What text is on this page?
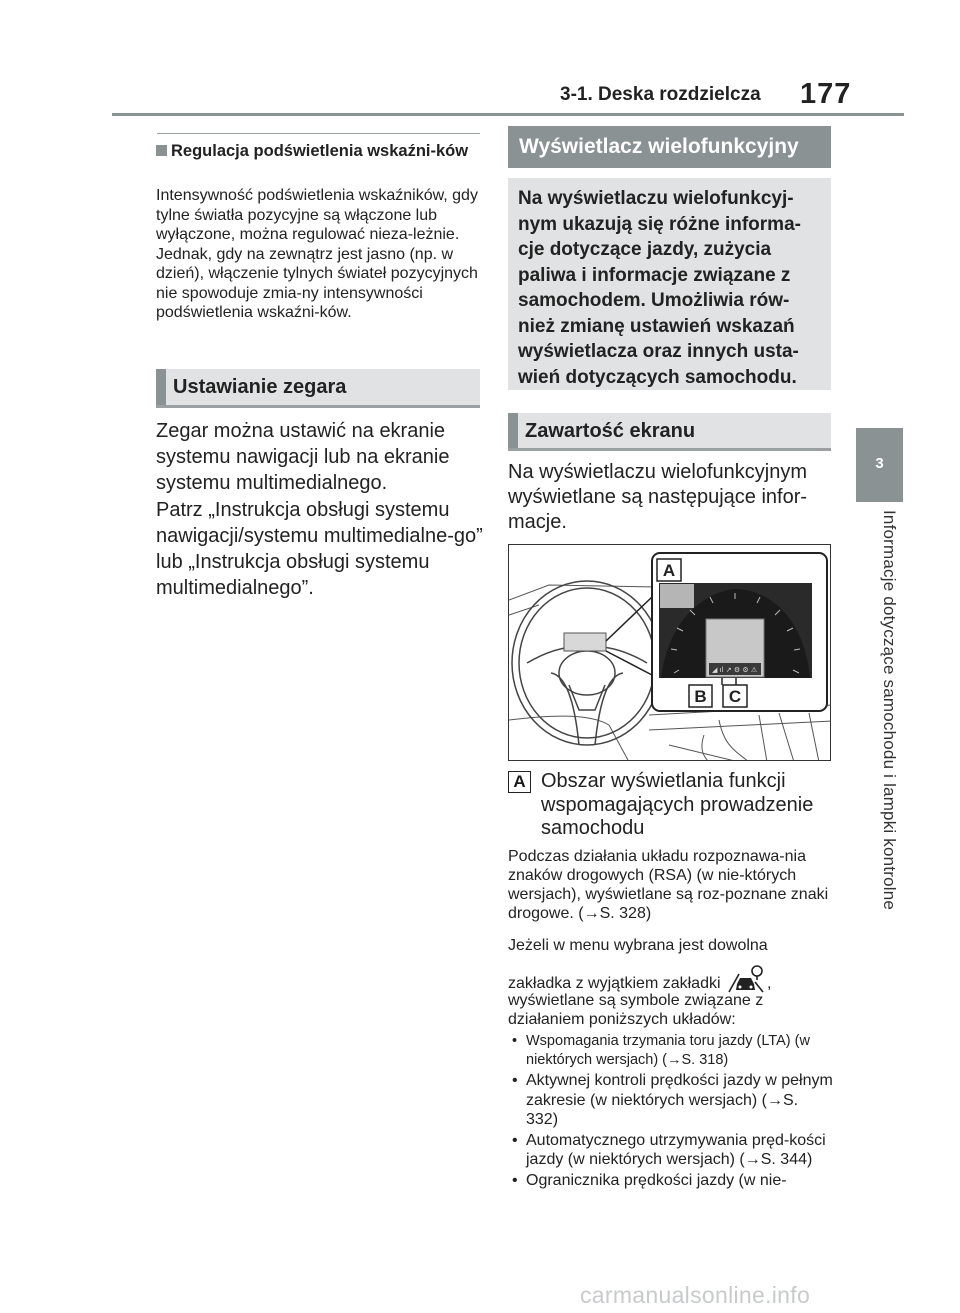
3-1. Deska rozdzielcza 177
3
Informacje dotyczące samochodu i lampki kontrolne
Regulacja podświetlenia wskaźni-ków
Intensywność podświetlenia wskaźników, gdy tylne światła pozycyjne są włączone lub wyłączone, można regulować nieza-leżnie. Jednak, gdy na zewnątrz jest jasno (np. w dzień), włączenie tylnych świateł pozycyjnych nie spowoduje zmia-ny intensywności podświetlenia wskaźni-ków.
Ustawianie zegara
Zegar można ustawić na ekranie systemu nawigacji lub na ekranie systemu multimedialnego.
Patrz „Instrukcja obsługi systemu nawigacji/systemu multimedialne-go” lub „Instrukcja obsługi systemu multimedialnego”.
Wyświetlacz wielofunkcyjny
Na wyświetlaczu wielofunkcyj-nym ukazują się różne informa-cje dotyczące jazdy, zużycia paliwa i informacje związane z samochodem. Umożliwia rów-nież zmianę ustawień wskazań wyświetlacza oraz innych usta-wień dotyczących samochodu.
Zawartość ekranu
Na wyświetlaczu wielofunkcyjnym wyświetlane są następujące infor-macje.
◢ ıl ↗ ⚙ ⚙ ⚠
A
B C
A Obszar wyświetlania funkcji wspomagających prowadzenie samochodu
Podczas działania układu rozpoznawa-nia znaków drogowych (RSA) (w nie-których wersjach), wyświetlane są roz-poznane znaki drogowe. (→S. 328)
Jeżeli w menu wybrana jest dowolna
zakładka z wyjątkiem zakładki	,
wyświetlane są symbole związane z działaniem poniższych układów:
• Wspomagania trzymania toru jazdy (LTA) (w niektórych wersjach) (→S. 318)
• Aktywnej kontroli prędkości jazdy w pełnym zakresie (w niektórych wersjach) (→S. 332)
• Automatycznego utrzymywania pręd-kości jazdy (w niektórych wersjach) (→S. 344)
• Ogranicznika prędkości jazdy (w nie-
carmanualsonline.info
